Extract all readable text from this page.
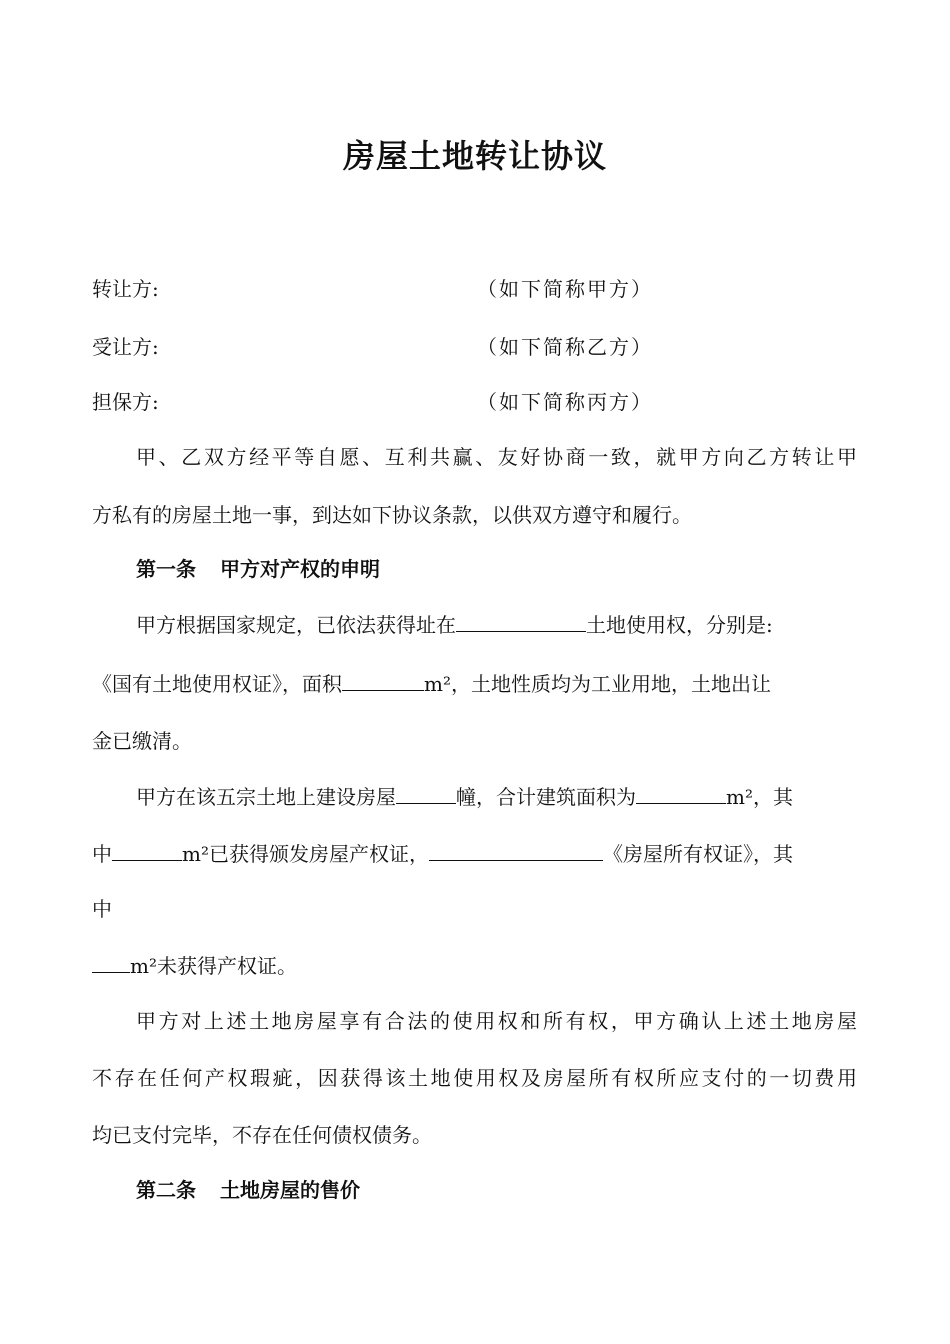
房屋土地转让协议
转让方:	（如下简称甲方）
受让方:	（如下简称乙方）
担保方:	（如下简称丙方）
甲、乙双方经平等自愿、互利共赢、友好协商一致，就甲方向乙方转让甲
方私有的房屋土地一事，到达如下协议条款，以供双方遵守和履行。
第一条 甲方对产权的申明
甲方根据国家规定，已依法获得址在	土地使用权，分别是:
《国有土地使用权证》，面积	m²，土地性质均为工业用地，土地出让
金已缴清。
甲方在该五宗土地上建设房屋	幢，合计建筑面积为	m²，其
中	m²已获得颁发房屋产权证，	《房屋所有权证》，其
中
m²未获得产权证。
甲方对上述土地房屋享有合法的使用权和所有权，甲方确认上述土地房屋
不存在任何产权瑕疵，因获得该土地使用权及房屋所有权所应支付的一切费用
均已支付完毕，不存在任何债权债务。
第二条 土地房屋的售价
